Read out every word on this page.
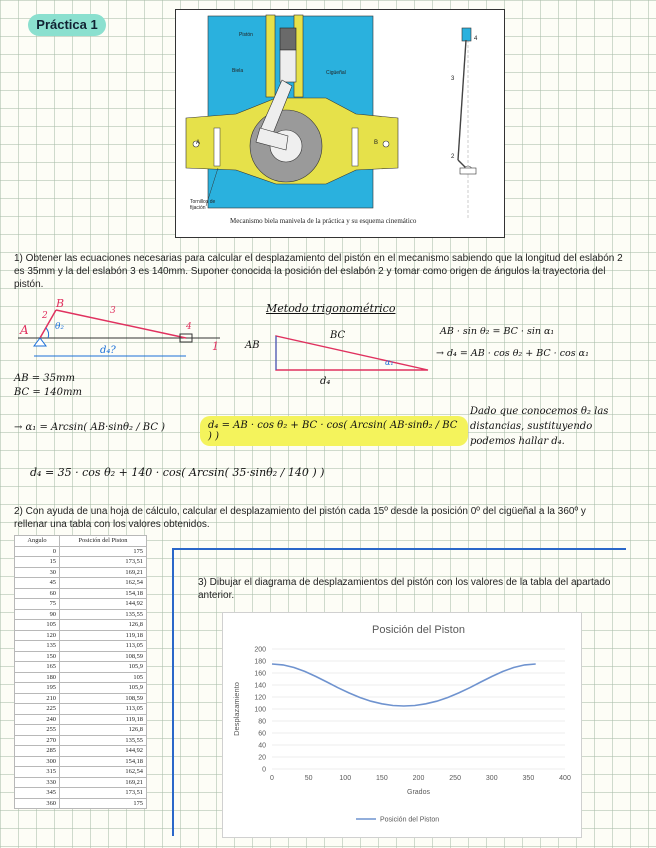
Práctica 1
Pistón
Biela	Cigüeñal
A	B
Tornillos de fijación
4
3
2
Mecanismo biela manivela de la práctica y su esquema cinemático
1) Obtener las ecuaciones necesarias para calcular el desplazamiento del pistón en el mecanismo sabiendo que la longitud del eslabón 2 es 35mm y la del eslabón 3 es 140mm. Suponer conocida la posición del eslabón 2 y tomar como origen de ángulos la trayectoria del pistón.
A
B
θ₂
2	3
4
1
d₄?
Metodo trigonométrico
AB
BC
α₁
d₄
AB · sin θ₂ = BC · sin α₁
→ d₄ = AB · cos θ₂ + BC · cos α₁
AB = 35mm
BC = 140mm
→ α₁ = Arcsin( AB·sinθ₂ / BC )	d₄ = AB · cos θ₂ + BC · cos( Arcsin( AB·sinθ₂ / BC ) )
Dado que conocemos θ₂ las distancias, sustituyendo podemos hallar d₄.
d₄ = 35 · cos θ₂ + 140 · cos( Arcsin( 35·sinθ₂ / 140 ) )
2) Con ayuda de una hoja de cálculo, calcular el desplazamiento del pistón cada 15º desde la posición 0º del cigüeñal a la 360º y rellenar una tabla con los valores obtenidos.
Angulo	Posición del Piston
0	175
15	173,51
30	169,21
45	162,54
60	154,18
75	144,92
90	135,55
105	126,8
120	119,18
135	113,05
150	108,59
165	105,9
180	105
195	105,9
210	108,59
225	113,05
240	119,18
255	126,8
270	135,55
285	144,92
300	154,18
315	162,54
330	169,21
345	173,51
360	175
3) Dibujar el diagrama de desplazamientos del pistón con los valores de la tabla del apartado anterior.
0
20
40
60
80
100
120
140
160
180
200
0	50	100	150	200	250	300	350	400
Posición del Piston
Grados
Desplazamiento
Posición del Piston
